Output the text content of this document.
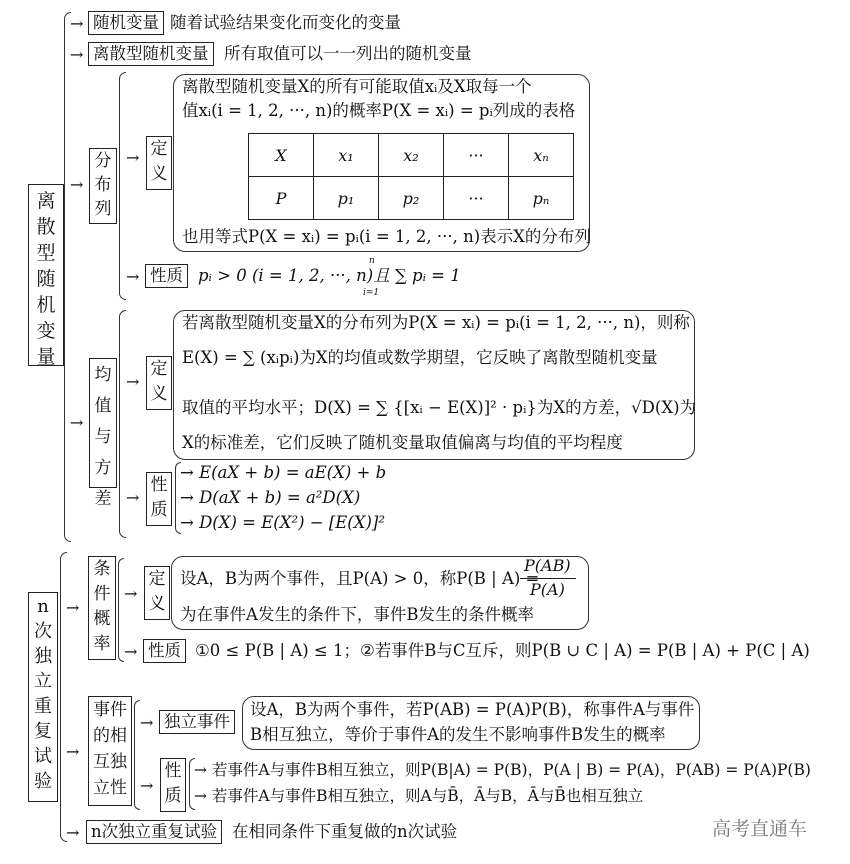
离散型随机变量
→ 随机变量 随着试验结果变化而变化的变量
→ 离散型随机变量 所有取值可以一一列出的随机变量
→
分布列
→ 定义
离散型随机变量X的所有可能取值xᵢ及X取每一个
值xᵢ(i = 1, 2, ···, n)的概率P(X = xᵢ) = pᵢ列成的表格
X	x₁	x₂	···	xₙ
P	p₁	p₂	···	pₙ
也用等式P(X = xᵢ) = pᵢ(i = 1, 2, ···, n)表示X的分布列
→ 性质 pᵢ > 0 (i = 1, 2, ···, n)且 ∑ pᵢ = 1
n
i=1
→
均值与方差
→
定义
若离散型随机变量X的分布列为P(X = xᵢ) = pᵢ(i = 1, 2, ···, n)，则称
E(X) = ∑ (xᵢpᵢ)为X的均值或数学期望，它反映了离散型随机变量
取值的平均水平；D(X) = ∑ {[xᵢ − E(X)]² · pᵢ}为X的方差，√D(X)为
X的标准差，它们反映了随机变量取值偏离与均值的平均程度
→
性质
→ E(aX + b) = aE(X) + b
→ D(aX + b) = a²D(X)
→ D(X) = E(X²) − [E(X)]²
n次独立重复试验
→
条件概率
→
定义
设A，B为两个事件，且P(A) > 0，称P(B | A) =
P(AB)
P(A)
为在事件A发生的条件下，事件B发生的条件概率
→ 性质 ①0 ≤ P(B | A) ≤ 1；②若事件B与C互斥，则P(B ∪ C | A) = P(B | A) + P(C | A)
→
事件的相互独立性
→ 独立事件
设A，B为两个事件，若P(AB) = P(A)P(B)，称事件A与事件
B相互独立，等价于事件A的发生不影响事件B发生的概率
→
性质
→ 若事件A与事件B相互独立，则P(B|A) = P(B)，P(A | B) = P(A)，P(AB) = P(A)P(B)
→ 若事件A与事件B相互独立，则A与B̄，Ā与B，Ā与B̄也相互独立
→ n次独立重复试验 在相同条件下重复做的n次试验	高考直通车
